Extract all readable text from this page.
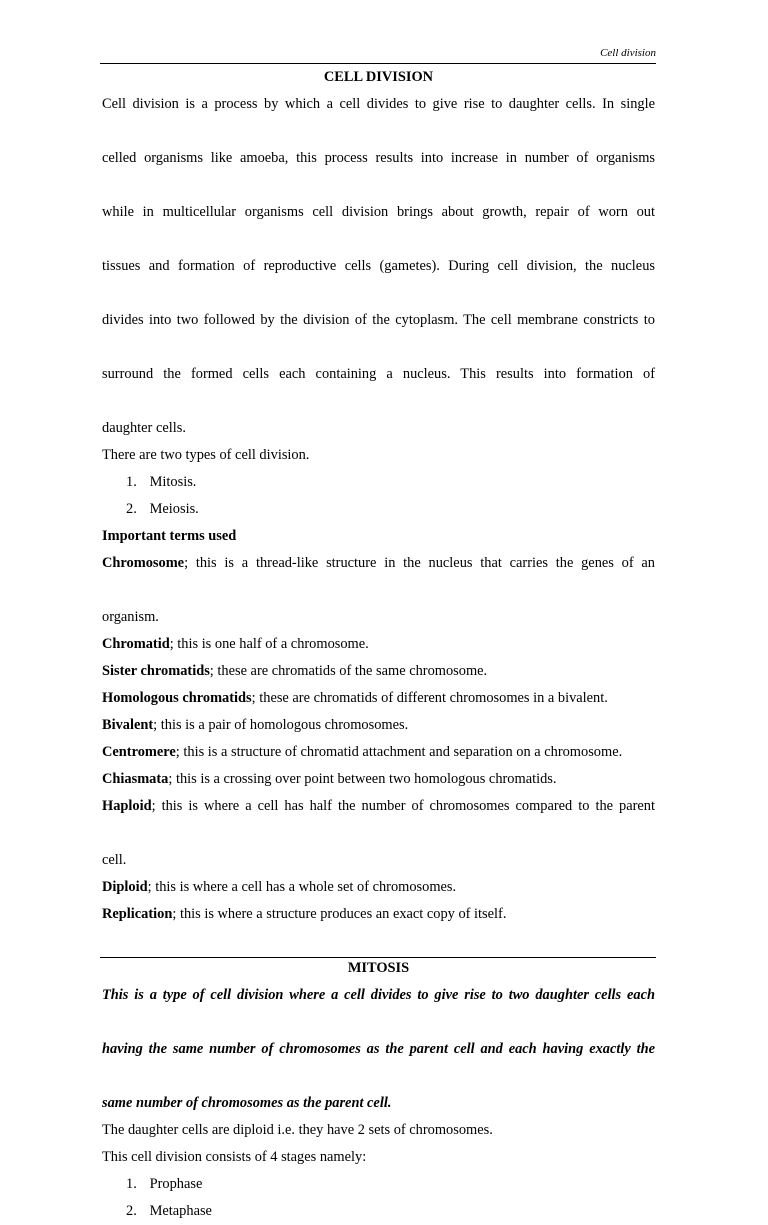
Cell division
CELL DIVISION
Cell division is a process by which a cell divides to give rise to daughter cells. In single
celled organisms like amoeba, this process results into increase in number of organisms
while in multicellular organisms cell division brings about growth, repair of worn out
tissues and formation of reproductive cells (gametes). During cell division, the nucleus
divides into two followed by the division of the cytoplasm. The cell membrane constricts to
surround the formed cells each containing a nucleus. This results into formation of
daughter cells.
There are two types of cell division.
1. Mitosis.
2. Meiosis.
Important terms used
Chromosome; this is a thread-like structure in the nucleus that carries the genes of an
organism.
Chromatid; this is one half of a chromosome.
Sister chromatids; these are chromatids of the same chromosome.
Homologous chromatids; these are chromatids of different chromosomes in a bivalent.
Bivalent; this is a pair of homologous chromosomes.
Centromere; this is a structure of chromatid attachment and separation on a chromosome.
Chiasmata; this is a crossing over point between two homologous chromatids.
Haploid; this is where a cell has half the number of chromosomes compared to the parent
cell.
Diploid; this is where a cell has a whole set of chromosomes.
Replication; this is where a structure produces an exact copy of itself.
MITOSIS
This is a type of cell division where a cell divides to give rise to two daughter cells each
having the same number of chromosomes as the parent cell and each having exactly the
same number of chromosomes as the parent cell.
The daughter cells are diploid i.e. they have 2 sets of chromosomes.
This cell division consists of 4 stages namely:
1. Prophase
2. Metaphase
